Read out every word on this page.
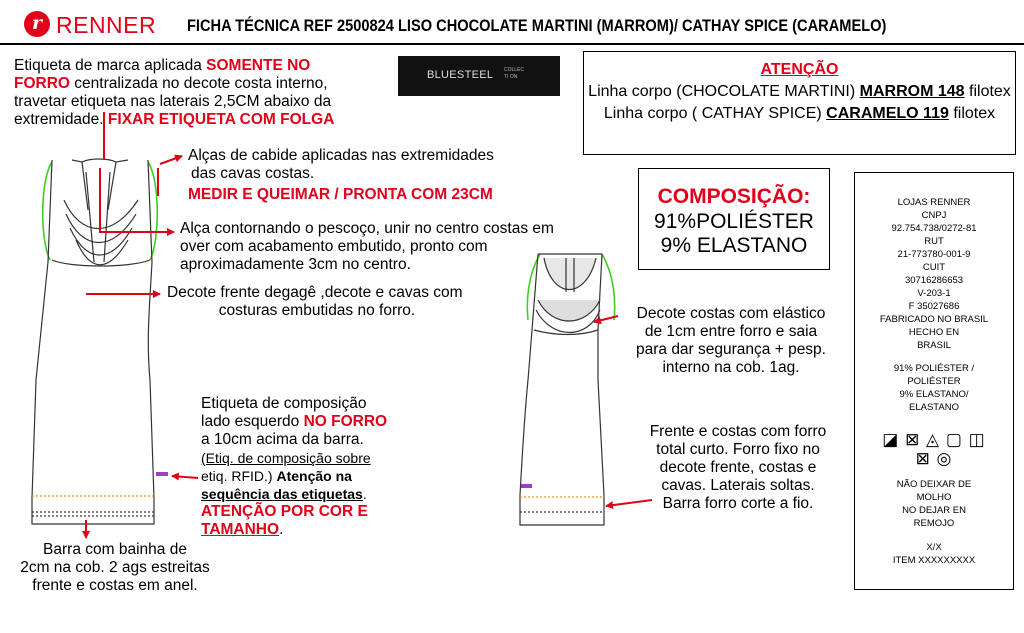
r RENNER FICHA TÉCNICA REF 2500824 LISO CHOCOLATE MARTINI (MARROM)/ CATHAY SPICE (CARAMELO)
Etiqueta de marca aplicada SOMENTE NO
FORRO centralizada no decote costa interno,
travetar etiqueta nas laterais 2,5CM abaixo da
extremidade. FIXAR ETIQUETA COM FOLGA
BLUESTEEL COLLEC
TI ON	ATENÇÃO
Linha corpo (CHOCOLATE MARTINI) MARROM 148 filotex
Linha corpo ( CATHAY SPICE) CARAMELO 119 filotex
Alças de cabide aplicadas nas extremidades
das cavas costas.
MEDIR E QUEIMAR / PRONTA COM 23CM
Alça contornando o pescoço, unir no centro costas em
over com acabamento embutido, pronto com
aproximadamente 3cm no centro.
Decote frente degagê ,decote e cavas com
costuras embutidas no forro.
COMPOSIÇÃO:
91%POLIÉSTER
9% ELASTANO
LOJAS RENNER
CNPJ
92.754.738/0272-81
RUT
21-773780-001-9
CUIT
30716286653
V-203-1
F 35027686
FABRICADO NO BRASIL
HECHO EN
BRASIL
91% POLIÉSTER /
POLIÉSTER
9% ELASTANO/
ELASTANO
◪ ⊠ ◬ ▢ ◫
⊠ ◎
NÃO DEIXAR DE
MOLHO
NO DEJAR EN
REMOJO
X/X
ITEM XXXXXXXXX
Decote costas com elástico
de 1cm entre forro e saia
para dar segurança + pesp.
interno na cob. 1ag.
Etiqueta de composição
lado esquerdo NO FORRO
a 10cm acima da barra.
(Etiq. de composição sobre
etiq. RFID.) Atenção na
sequência das etiquetas.
ATENÇÃO POR COR E
TAMANHO.
Frente e costas com forro
total curto. Forro fixo no
decote frente, costas e
cavas. Laterais soltas.
Barra forro corte a fio.
Barra com bainha de
2cm na cob. 2 ags estreitas
frente e costas em anel.
